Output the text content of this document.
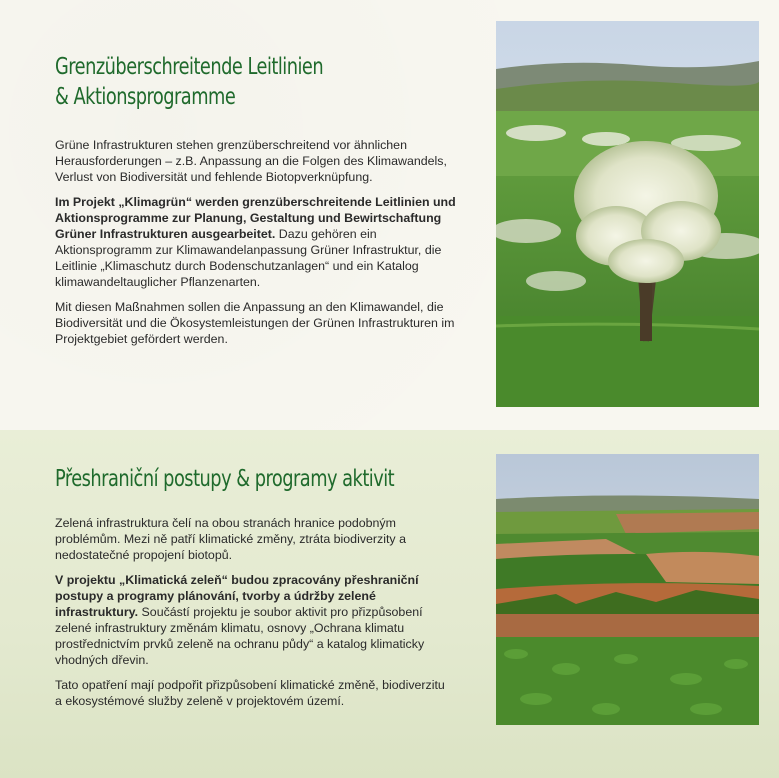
Grenzüberschreitende Leitlinien
& Aktionsprogramme

Grüne Infrastrukturen stehen grenzüberschreitend vor ähnlichen Herausforderungen – z.B. Anpassung an die Folgen des Klimawandels, Verlust von Biodiversität und fehlende Biotopverknüpfung.

Im Projekt „Klimagrün“ werden grenzüberschreitende Leitlinien und Aktionsprogramme zur Planung, Gestaltung und Bewirtschaftung Grüner Infrastrukturen ausgearbeitet. Dazu gehören ein Aktionsprogramm zur Klimawandelanpassung Grüner Infrastruktur, die Leitlinie „Klimaschutz durch Bodenschutzanlagen“ und ein Katalog klimawandeltauglicher Pflanzenarten.

Mit diesen Maßnahmen sollen die Anpassung an den Klimawandel, die Biodiversität und die Ökosystemleistungen der Grünen Infrastrukturen im Projektgebiet gefördert werden.

Přeshraniční postupy & programy aktivit

Zelená infrastruktura čelí na obou stranách hranice podobným problémům. Mezi ně patří klimatické změny, ztráta biodiverzity a nedostatečné propojení biotopů.

V projektu „Klimatická zeleň“ budou zpracovány přeshraniční postupy a programy plánování, tvorby a údržby zelené infrastruktury. Součástí projektu je soubor aktivit pro přizpůsobení zelené infrastruktury změnám klimatu, osnovy „Ochrana klimatu prostřednictvím prvků zeleně na ochranu půdy“ a katalog klimaticky vhodných dřevin.

Tato opatření mají podpořit přizpůsobení klimatické změně, biodiverzitu a ekosystémové služby zeleně v projektovém území.
